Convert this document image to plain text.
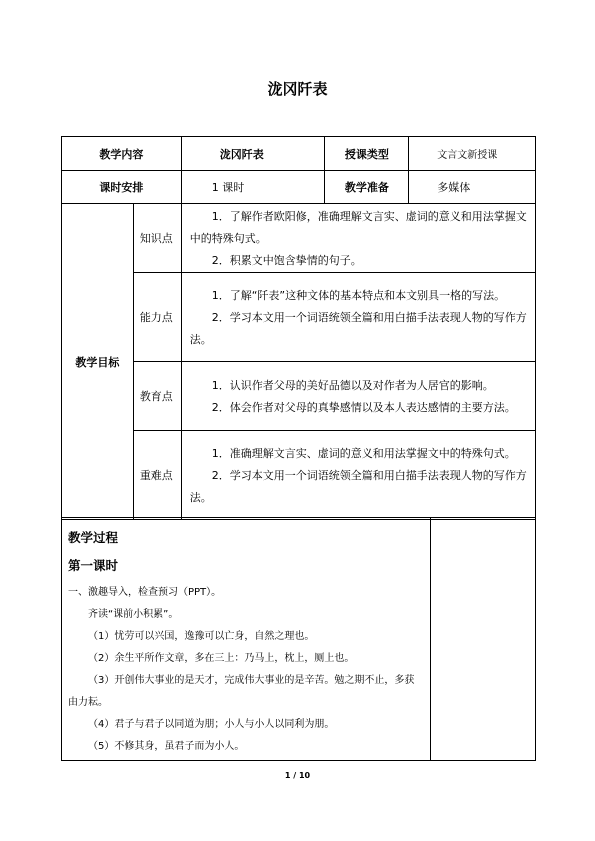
泷冈阡表
教学内容		泷冈阡表	授课类型	文言文新授课
课时安排		1 课时	教学准备	多媒体
教学目标	知识点	1．了解作者欧阳修，准确理解文言实、虚词的意义和用法掌握文中的特殊句式。

2．积累文中饱含挚情的句子。		

	能力点	1．了解“阡表”这种文体的基本特点和本文别具一格的写法。

2．学习本文用一个词语统领全篇和用白描手法表现人物的写作方法。		

	教育点	1．认识作者父母的美好品德以及对作者为人居官的影响。

2．体会作者对父母的真挚感情以及本人表达感情的主要方法。		

	重难点	1．准确理解文言实、虚词的意义和用法掌握文中的特殊句式。

2．学习本文用一个词语统领全篇和用白描手法表现人物的写作方法。		

教学过程
第一课时

一、激趣导入，检查预习（PPT）。

齐读“课前小积累”。

（1）忧劳可以兴国，逸豫可以亡身，自然之理也。

（2）余生平所作文章，多在三上：乃马上，枕上，厕上也。

（3）开创伟大事业的是天才，完成伟大事业的是辛苦。勉之期不止，多获由力耘。

（4）君子与君子以同道为朋；小人与小人以同利为朋。

（5）不修其身，虽君子而为小人。

1 / 10
